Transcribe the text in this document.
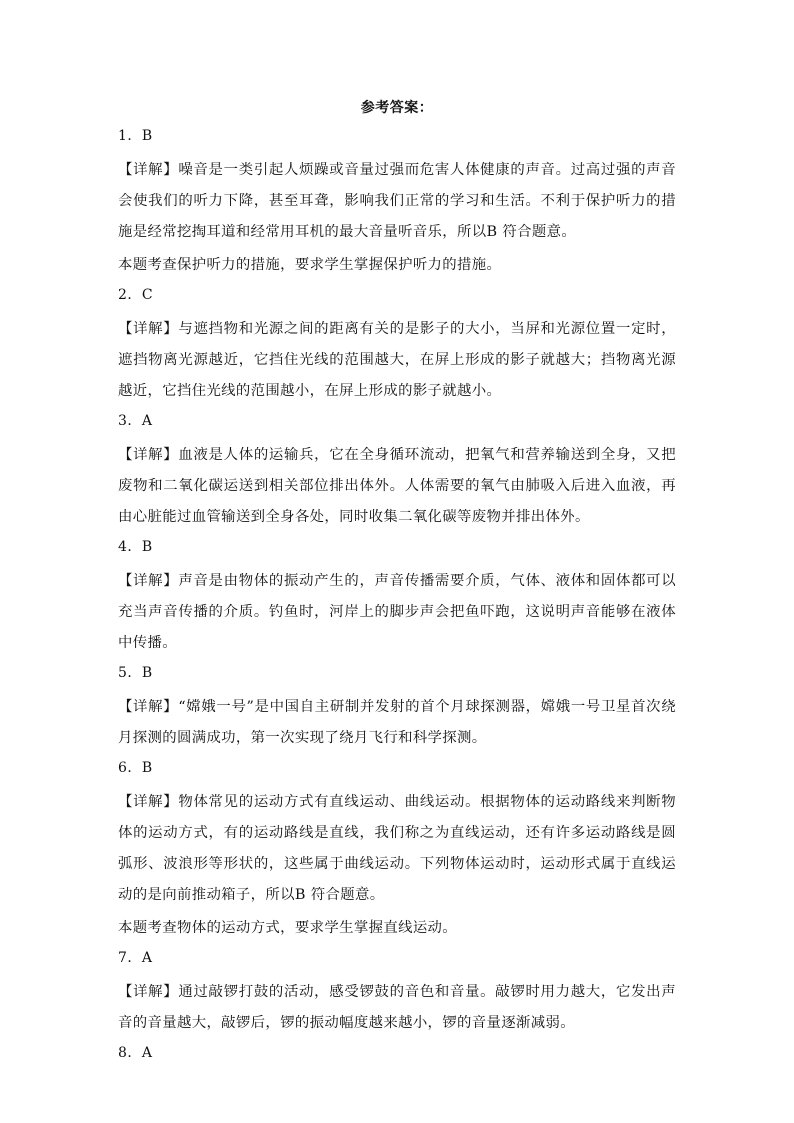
参考答案：
1．B
【详解】噪音是一类引起人烦躁或音量过强而危害人体健康的声音。过高过强的声音会使我们的听力下降，甚至耳聋，影响我们正常的学习和生活。不利于保护听力的措施是经常挖掏耳道和经常用耳机的最大音量听音乐，所以B 符合题意。
本题考查保护听力的措施，要求学生掌握保护听力的措施。
2．C
【详解】与遮挡物和光源之间的距离有关的是影子的大小，当屏和光源位置一定时，遮挡物离光源越近，它挡住光线的范围越大，在屏上形成的影子就越大；挡物离光源越近，它挡住光线的范围越小，在屏上形成的影子就越小。
3．A
【详解】血液是人体的运输兵，它在全身循环流动，把氧气和营养输送到全身，又把废物和二氧化碳运送到相关部位排出体外。人体需要的氧气由肺吸入后进入血液，再由心脏能过血管输送到全身各处，同时收集二氧化碳等废物并排出体外。
4．B
【详解】声音是由物体的振动产生的，声音传播需要介质，气体、液体和固体都可以充当声音传播的介质。钓鱼时，河岸上的脚步声会把鱼吓跑，这说明声音能够在液体中传播。
5．B
【详解】“嫦娥一号”是中国自主研制并发射的首个月球探测器，嫦娥一号卫星首次绕月探测的圆满成功，第一次实现了绕月飞行和科学探测。
6．B
【详解】物体常见的运动方式有直线运动、曲线运动。根据物体的运动路线来判断物体的运动方式，有的运动路线是直线，我们称之为直线运动，还有许多运动路线是圆弧形、波浪形等形状的，这些属于曲线运动。下列物体运动时，运动形式属于直线运动的是向前推动箱子，所以B 符合题意。
本题考查物体的运动方式，要求学生掌握直线运动。
7．A
【详解】通过敲锣打鼓的活动，感受锣鼓的音色和音量。敲锣时用力越大，它发出声音的音量越大，敲锣后，锣的振动幅度越来越小，锣的音量逐渐减弱。
8．A
